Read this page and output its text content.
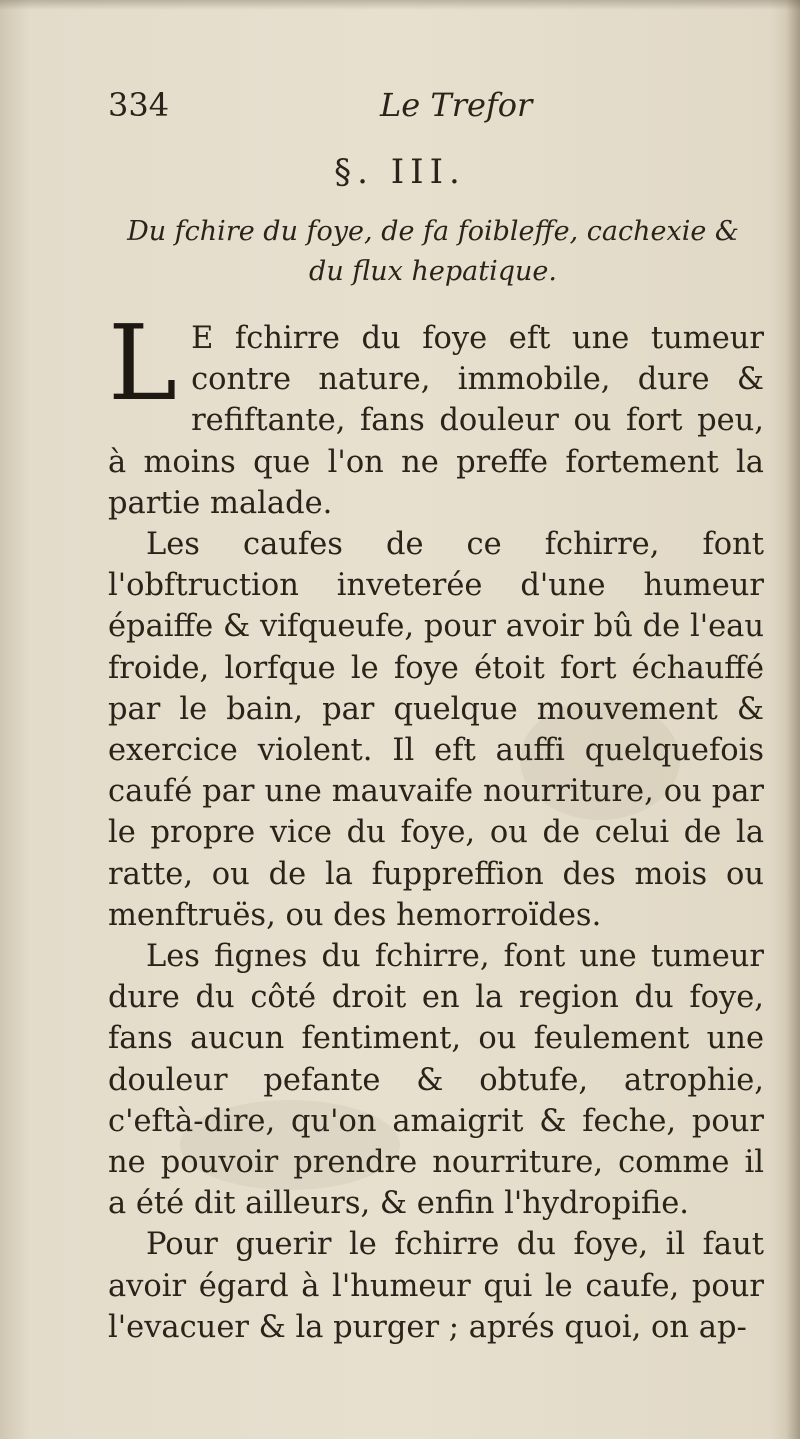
334	Le Trefor
§. III.
Du fchire du foye, de fa foibleffe, cachexie & du flux hepatique.

L E fchirre du foye eft une tumeur contre nature, immobile, dure & refiftante, fans douleur ou fort peu, à moins que l'on ne preffe fortement la partie malade.

Les caufes de ce fchirre, font l'obftruction inveterée d'une humeur épaiffe & vifqueufe, pour avoir bû de l'eau froide, lorfque le foye étoit fort échauffé par le bain, par quelque mouvement & exercice violent. Il eft auffi quelquefois caufé par une mauvaife nourriture, ou par le propre vice du foye, ou de celui de la ratte, ou de la fuppreffion des mois ou menftruës, ou des hemorroïdes.

Les fignes du fchirre, font une tumeur dure du côté droit en la region du foye, fans aucun fentiment, ou feulement une douleur pefante & obtufe, atrophie, c'eftà-dire, qu'on amaigrit & feche, pour ne pouvoir prendre nourriture, comme il a été dit ailleurs, & enfin l'hydropifie.

Pour guerir le fchirre du foye, il faut avoir égard à l'humeur qui le caufe, pour l'evacuer & la purger ; aprés quoi, on ap-
